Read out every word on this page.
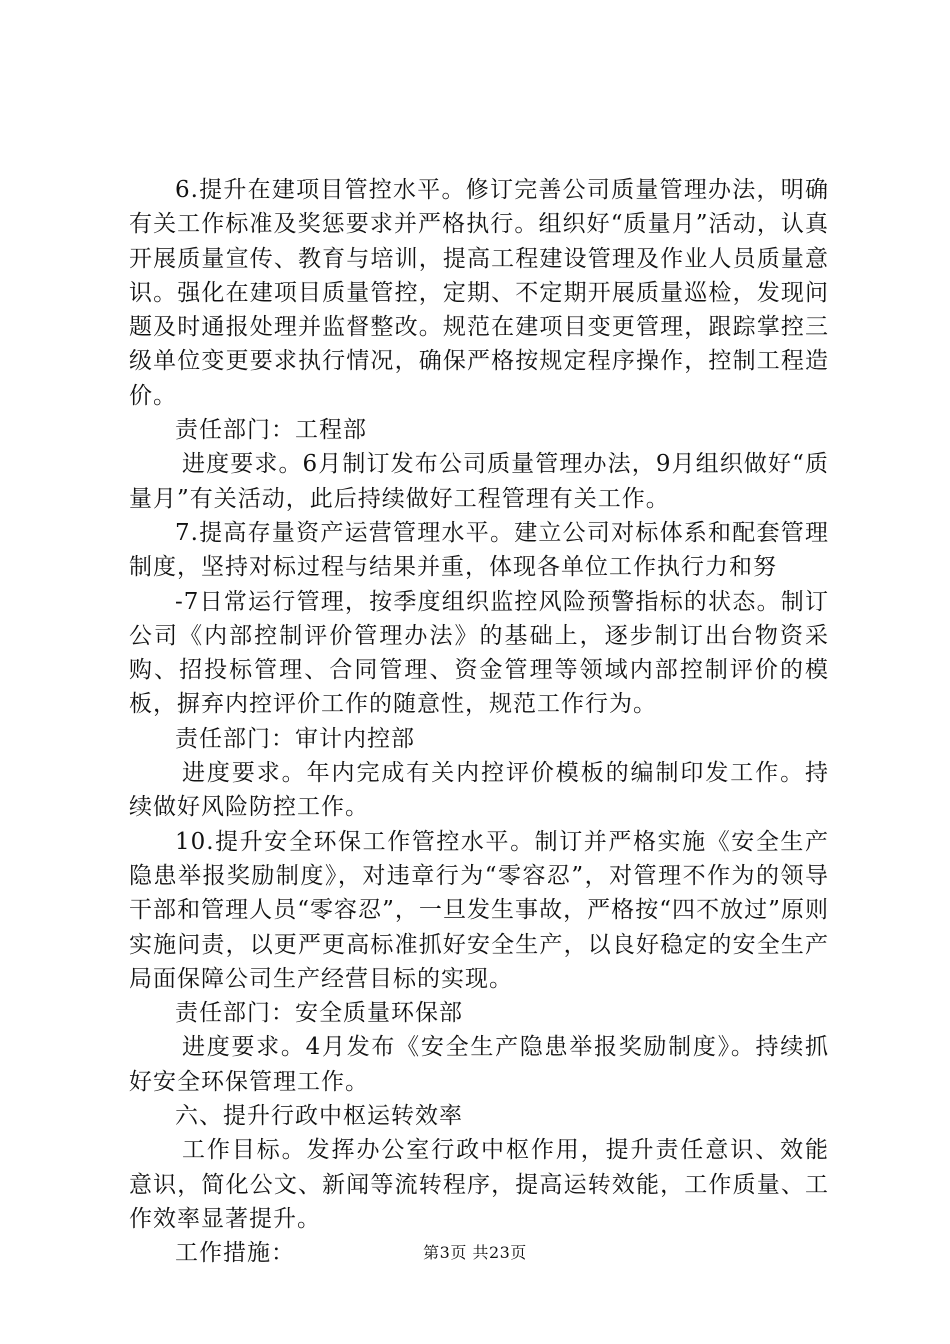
6.提升在建项目管控水平。修订完善公司质量管理办法，明确有关工作标准及奖惩要求并严格执行。组织好“质量月”活动，认真开展质量宣传、教育与培训，提高工程建设管理及作业人员质量意识。强化在建项目质量管控，定期、不定期开展质量巡检，发现问题及时通报处理并监督整改。规范在建项目变更管理，跟踪掌控三级单位变更要求执行情况，确保严格按规定程序操作，控制工程造价。

责任部门：工程部

进度要求。6月制订发布公司质量管理办法，9月组织做好“质量月”有关活动，此后持续做好工程管理有关工作。

7.提高存量资产运营管理水平。建立公司对标体系和配套管理制度，坚持对标过程与结果并重，体现各单位工作执行力和努

-7日常运行管理，按季度组织监控风险预警指标的状态。制订公司《内部控制评价管理办法》的基础上，逐步制订出台物资采购、招投标管理、合同管理、资金管理等领域内部控制评价的模板，摒弃内控评价工作的随意性，规范工作行为。

责任部门：审计内控部

进度要求。年内完成有关内控评价模板的编制印发工作。持续做好风险防控工作。

10.提升安全环保工作管控水平。制订并严格实施《安全生产隐患举报奖励制度》，对违章行为“零容忍”，对管理不作为的领导干部和管理人员“零容忍”，一旦发生事故，严格按“四不放过”原则实施问责，以更严更高标准抓好安全生产，以良好稳定的安全生产局面保障公司生产经营目标的实现。

责任部门：安全质量环保部

进度要求。4月发布《安全生产隐患举报奖励制度》。持续抓好安全环保管理工作。

六、提升行政中枢运转效率

工作目标。发挥办公室行政中枢作用，提升责任意识、效能意识，简化公文、新闻等流转程序，提高运转效能，工作质量、工作效率显著提升。

工作措施：	第3页 共23页
